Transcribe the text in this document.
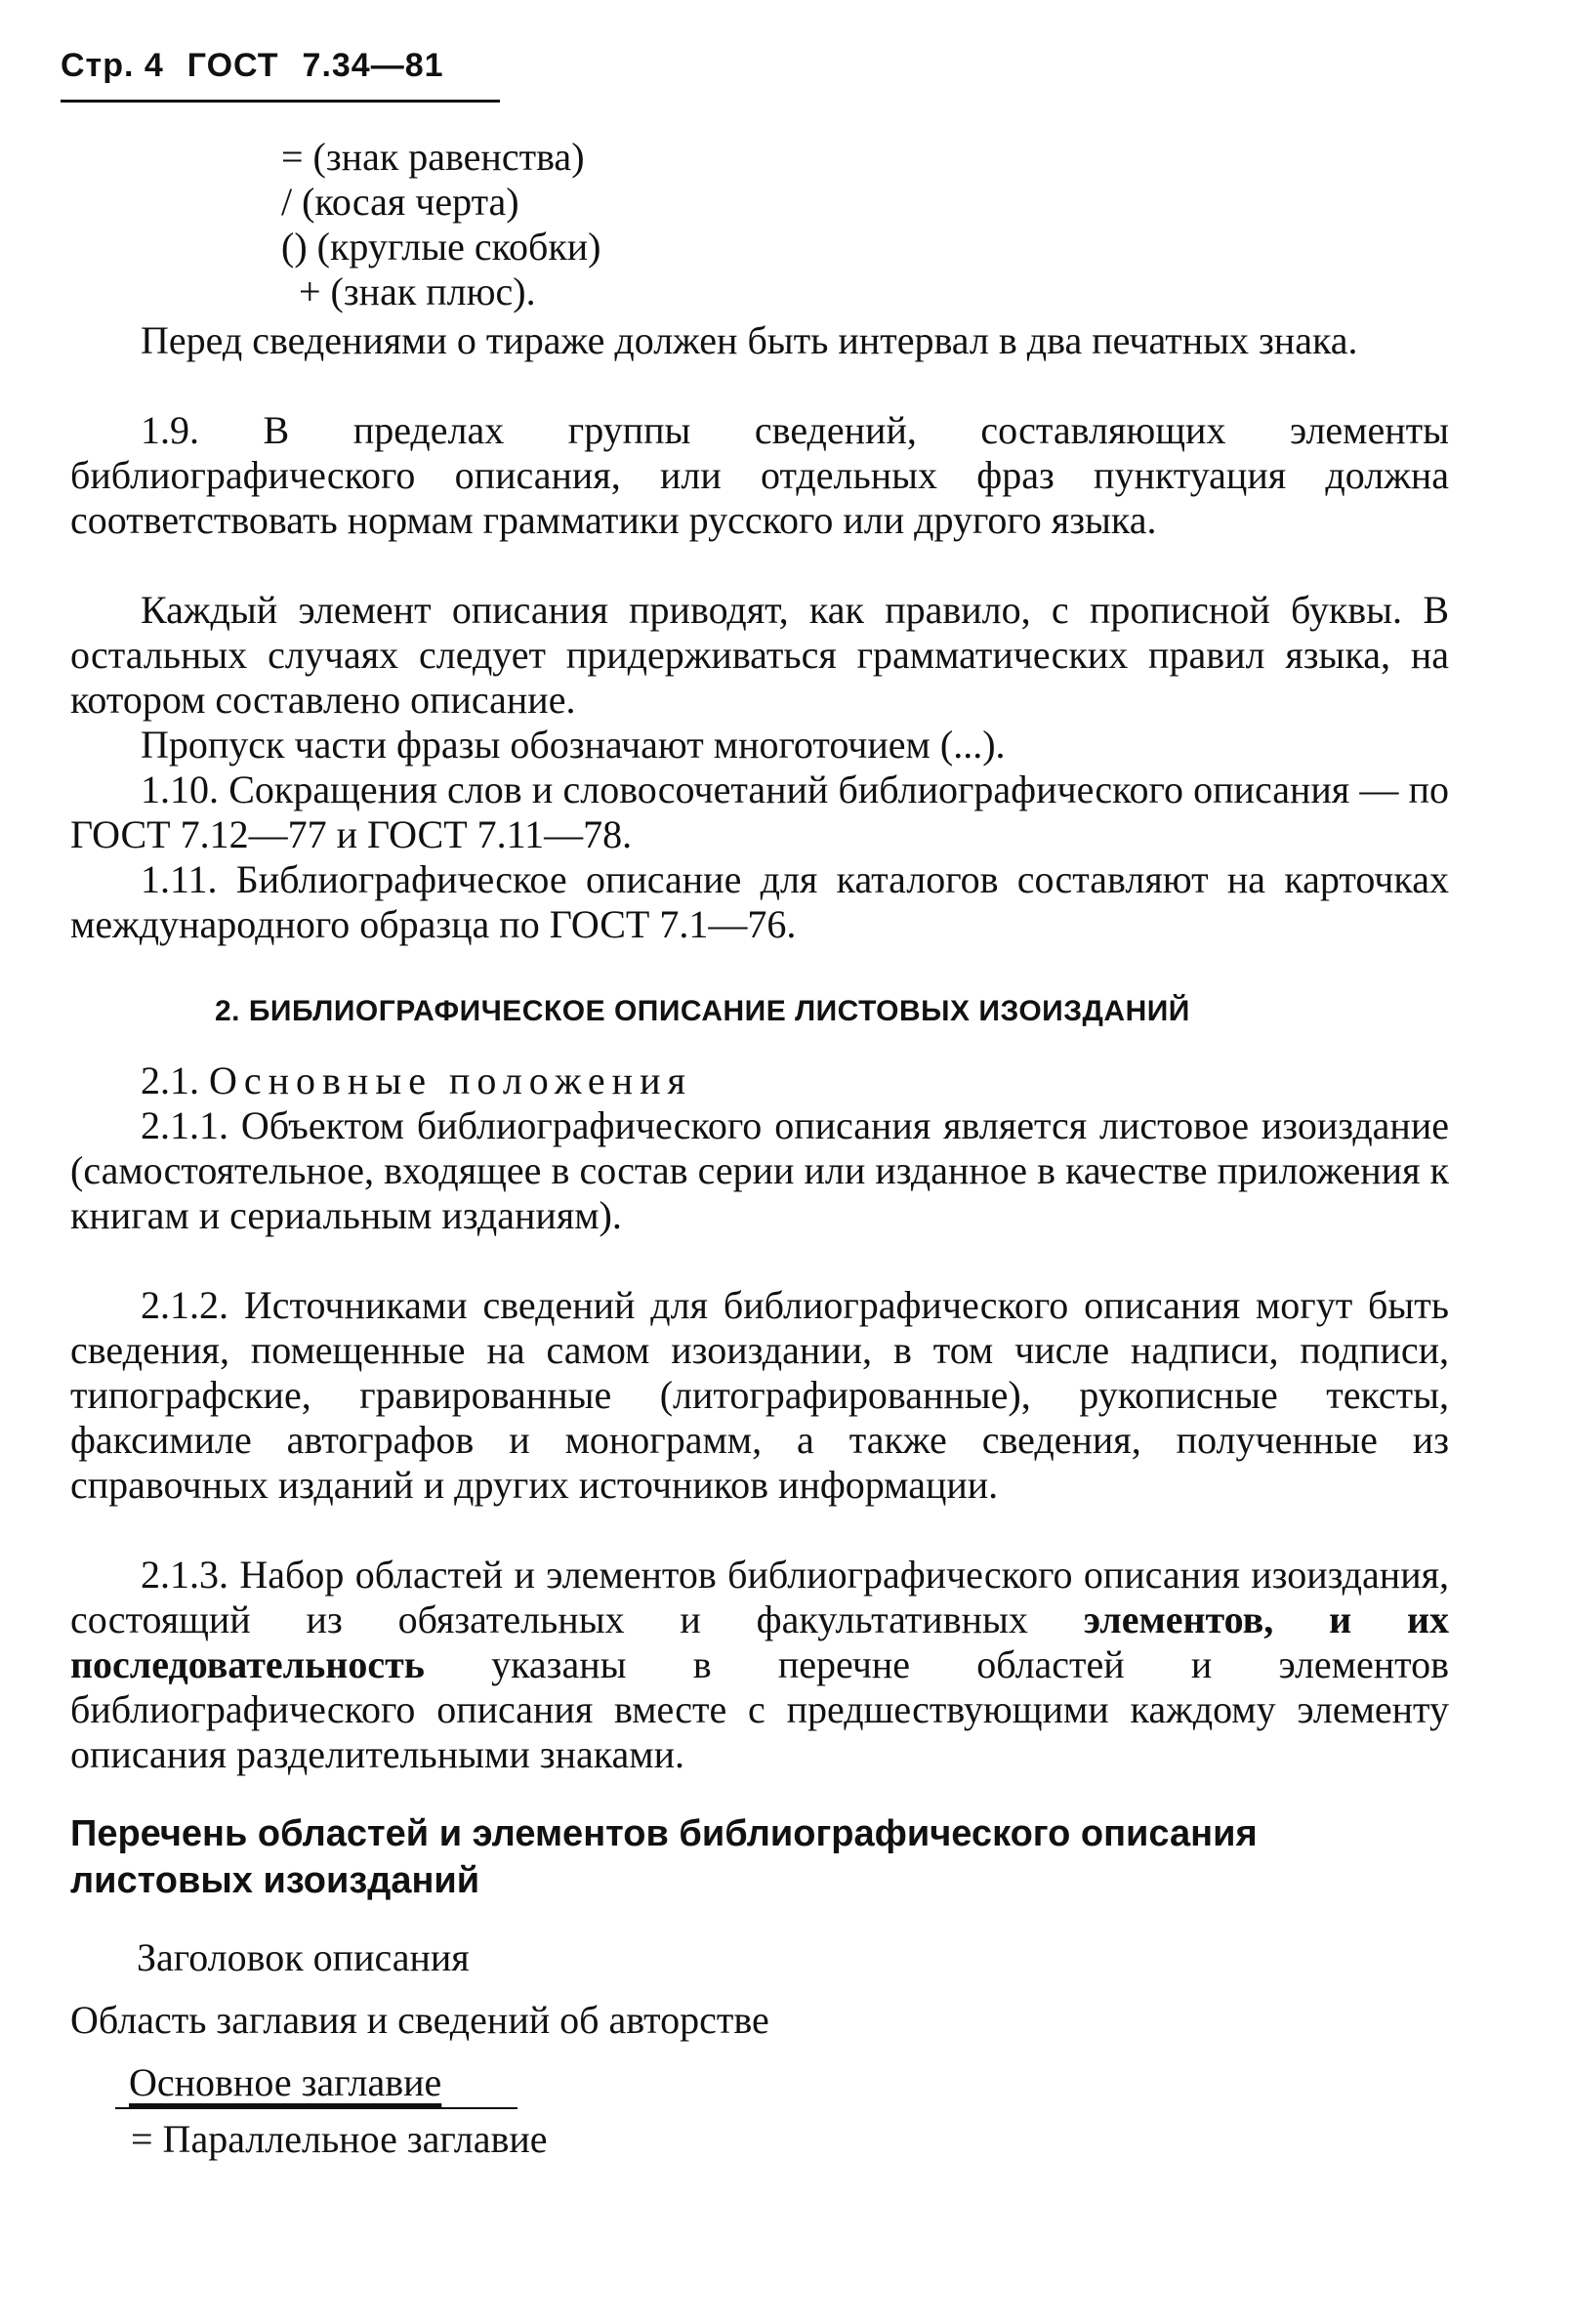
Стр. 4 ГОСТ 7.34—81
= (знак равенства)
/ (косая черта)
() (круглые скобки)
+ (знак плюс).
Перед сведениями о тираже должен быть интервал в два печатных знака.
1.9. В пределах группы сведений, составляющих элементы библиографического описания, или отдельных фраз пунктуация должна соответствовать нормам грамматики русского или другого языка.
Каждый элемент описания приводят, как правило, с прописной буквы. В остальных случаях следует придерживаться грамматических правил языка, на котором составлено описание.
Пропуск части фразы обозначают многоточием (...).
1.10. Сокращения слов и словосочетаний библиографического описания — по ГОСТ 7.12—77 и ГОСТ 7.11—78.
1.11. Библиографическое описание для каталогов составляют на карточках международного образца по ГОСТ 7.1—76.
2. БИБЛИОГРАФИЧЕСКОЕ ОПИСАНИЕ ЛИСТОВЫХ ИЗОИЗДАНИЙ
2.1. Основные положения
2.1.1. Объектом библиографического описания является листовое изоиздание (самостоятельное, входящее в состав серии или изданное в качестве приложения к книгам и сериальным изданиям).
2.1.2. Источниками сведений для библиографического описания могут быть сведения, помещенные на самом изоиздании, в том числе надписи, подписи, типографские, гравированные (литографированные), рукописные тексты, факсимиле автографов и монограмм, а также сведения, полученные из справочных изданий и других источников информации.
2.1.3. Набор областей и элементов библиографического описания изоиздания, состоящий из обязательных и факультативных элементов, и их последовательность указаны в перечне областей и элементов библиографического описания вместе с предшествующими каждому элементу описания разделительными знаками.
Перечень областей и элементов библиографического описания листовых изоизданий
Заголовок описания
Область заглавия и сведений об авторстве
Основное заглавие
= Параллельное заглавие
